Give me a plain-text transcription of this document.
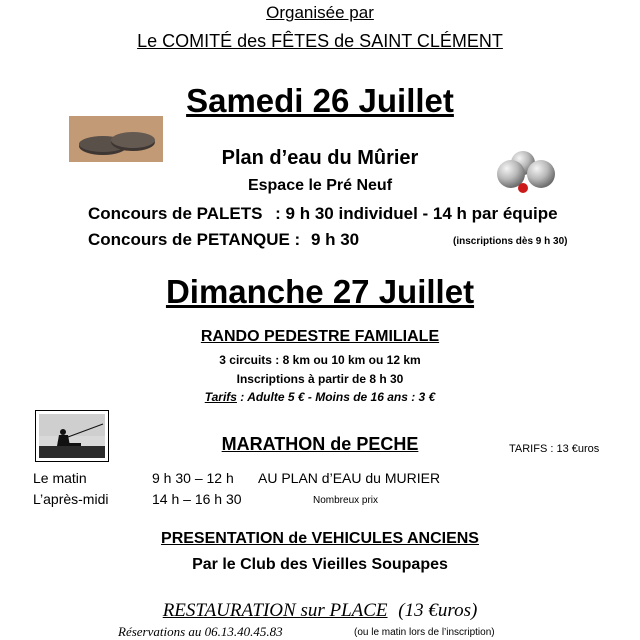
Organisée par
Le COMITÉ des FÊTES de SAINT CLÉMENT
Samedi 26 Juillet
Plan d’eau du Mûrier
Espace le Pré Neuf
Concours de PALETS : 9 h 30 individuel - 14 h par équipe
Concours de PETANQUE : 9 h 30	(inscriptions dès 9 h 30)
Dimanche 27 Juillet
RANDO PEDESTRE FAMILIALE
3 circuits : 8 km ou 10 km ou 12 km
Inscriptions à partir de 8 h 30
Tarifs : Adulte 5 € - Moins de 16 ans : 3 €
MARATHON de PECHE	TARIFS : 13 €uros
Le matin	9 h 30 – 12 h AU PLAN d’EAU du MURIER
L’après-midi	14 h – 16 h 30	Nombreux prix
PRESENTATION de VEHICULES ANCIENS
Par le Club des Vieilles Soupapes
RESTAURATION sur PLACE (13 €uros)
Réservations au 06.13.40.45.83	(ou le matin lors de l’inscription)
